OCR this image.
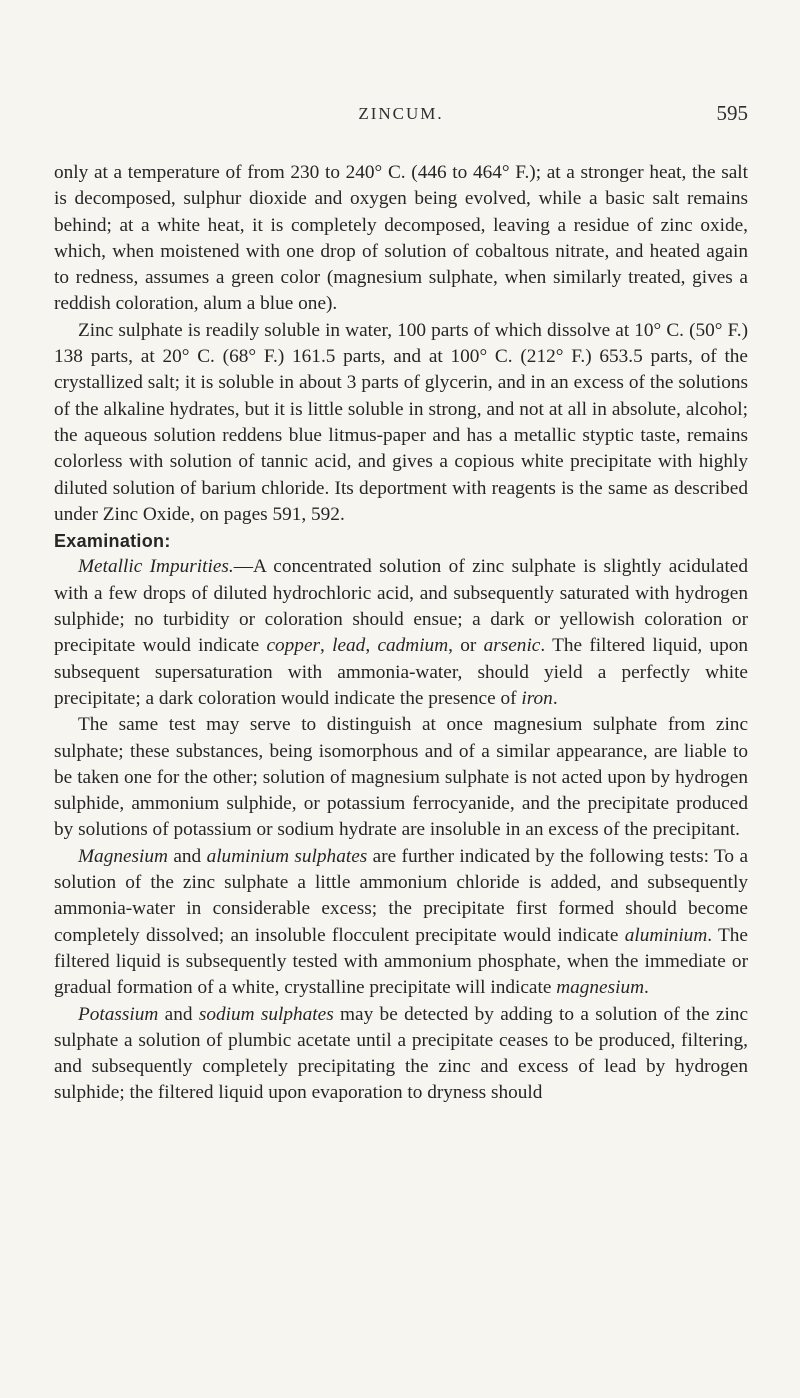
ZINCUM.	595

only at a temperature of from 230 to 240° C. (446 to 464° F.); at a stronger heat, the salt is decomposed, sulphur dioxide and oxygen being evolved, while a basic salt remains behind; at a white heat, it is completely decomposed, leaving a residue of zinc oxide, which, when moistened with one drop of solution of cobaltous nitrate, and heated again to redness, assumes a green color (magnesium sulphate, when similarly treated, gives a reddish coloration, alum a blue one).

Zinc sulphate is readily soluble in water, 100 parts of which dissolve at 10° C. (50° F.) 138 parts, at 20° C. (68° F.) 161.5 parts, and at 100° C. (212° F.) 653.5 parts, of the crystallized salt; it is soluble in about 3 parts of glycerin, and in an excess of the solutions of the alkaline hydrates, but it is little soluble in strong, and not at all in absolute, alcohol; the aqueous solution reddens blue litmus-paper and has a metallic styptic taste, remains colorless with solution of tannic acid, and gives a copious white precipitate with highly diluted solution of barium chloride. Its deportment with reagents is the same as described under Zinc Oxide, on pages 591, 592.

Examination:

Metallic Impurities.—A concentrated solution of zinc sulphate is slightly acidulated with a few drops of diluted hydrochloric acid, and subsequently saturated with hydrogen sulphide; no turbidity or coloration should ensue; a dark or yellowish coloration or precipitate would indicate copper, lead, cadmium, or arsenic. The filtered liquid, upon subsequent supersaturation with ammonia-water, should yield a perfectly white precipitate; a dark coloration would indicate the presence of iron.

The same test may serve to distinguish at once magnesium sulphate from zinc sulphate; these substances, being isomorphous and of a similar appearance, are liable to be taken one for the other; solution of magnesium sulphate is not acted upon by hydrogen sulphide, ammonium sulphide, or potassium ferrocyanide, and the precipitate produced by solutions of potassium or sodium hydrate are insoluble in an excess of the precipitant.

Magnesium and aluminium sulphates are further indicated by the following tests: To a solution of the zinc sulphate a little ammonium chloride is added, and subsequently ammonia-water in considerable excess; the precipitate first formed should become completely dissolved; an insoluble flocculent precipitate would indicate aluminium. The filtered liquid is subsequently tested with ammonium phosphate, when the immediate or gradual formation of a white, crystalline precipitate will indicate magnesium.

Potassium and sodium sulphates may be detected by adding to a solution of the zinc sulphate a solution of plumbic acetate until a precipitate ceases to be produced, filtering, and subsequently completely precipitating the zinc and excess of lead by hydrogen sulphide; the filtered liquid upon evaporation to dryness should
